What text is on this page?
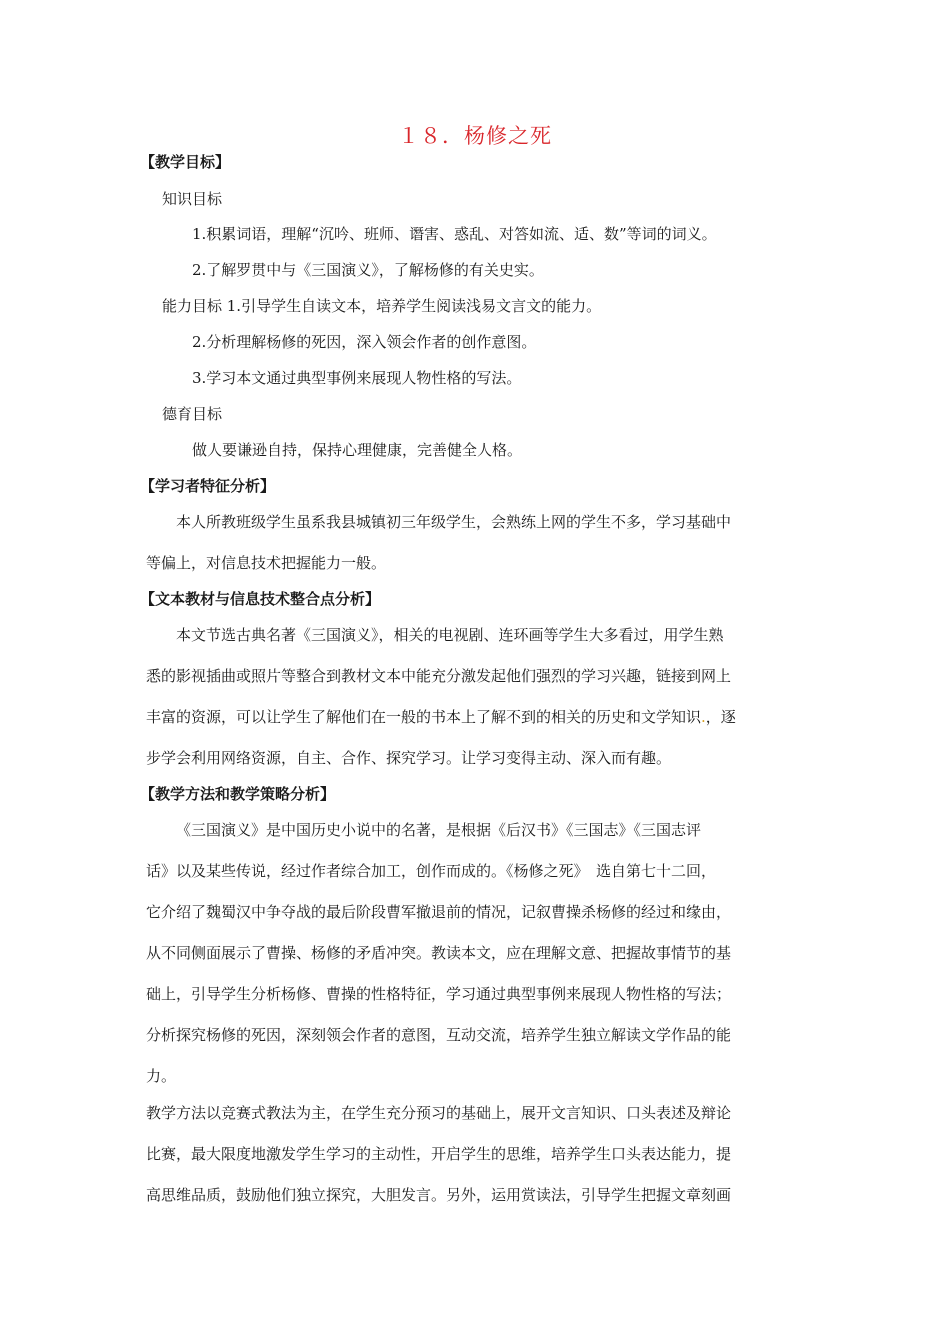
１８．杨修之死
【教学目标】
知识目标
1.积累词语，理解“沉吟、班师、谮害、惑乱、对答如流、适、数”等词的词义。
2.了解罗贯中与《三国演义》，了解杨修的有关史实。
能力目标 1.引导学生自读文本，培养学生阅读浅易文言文的能力。
2.分析理解杨修的死因，深入领会作者的创作意图。
3.学习本文通过典型事例来展现人物性格的写法。
德育目标
做人要谦逊自持，保持心理健康，完善健全人格。
【学习者特征分析】
本人所教班级学生虽系我县城镇初三年级学生，会熟练上网的学生不多，学习基础中
等偏上，对信息技术把握能力一般。
【文本教材与信息技术整合点分析】
本文节选古典名著《三国演义》，相关的电视剧、连环画等学生大多看过，用学生熟
悉的影视插曲或照片等整合到教材文本中能充分激发起他们强烈的学习兴趣，链接到网上
丰富的资源，可以让学生了解他们在一般的书本上了解不到的相关的历史和文学知识.，逐
步学会利用网络资源，自主、合作、探究学习。让学习变得主动、深入而有趣。
【教学方法和教学策略分析】
《三国演义》是中国历史小说中的名著，是根据《后汉书》《三国志》《三国志评
话》以及某些传说，经过作者综合加工，创作而成的。《杨修之死》　选自第七十二回，
它介绍了魏蜀汉中争夺战的最后阶段曹军撤退前的情况，记叙曹操杀杨修的经过和缘由，
从不同侧面展示了曹操、杨修的矛盾冲突。教读本文，应在理解文意、把握故事情节的基
础上，引导学生分析杨修、曹操的性格特征，学习通过典型事例来展现人物性格的写法；
分析探究杨修的死因，深刻领会作者的意图，互动交流，培养学生独立解读文学作品的能
力。
教学方法以竞赛式教法为主，在学生充分预习的基础上，展开文言知识、口头表述及辩论
比赛，最大限度地激发学生学习的主动性，开启学生的思维，培养学生口头表达能力，提
高思维品质，鼓励他们独立探究，大胆发言。另外，运用赏读法，引导学生把握文章刻画
